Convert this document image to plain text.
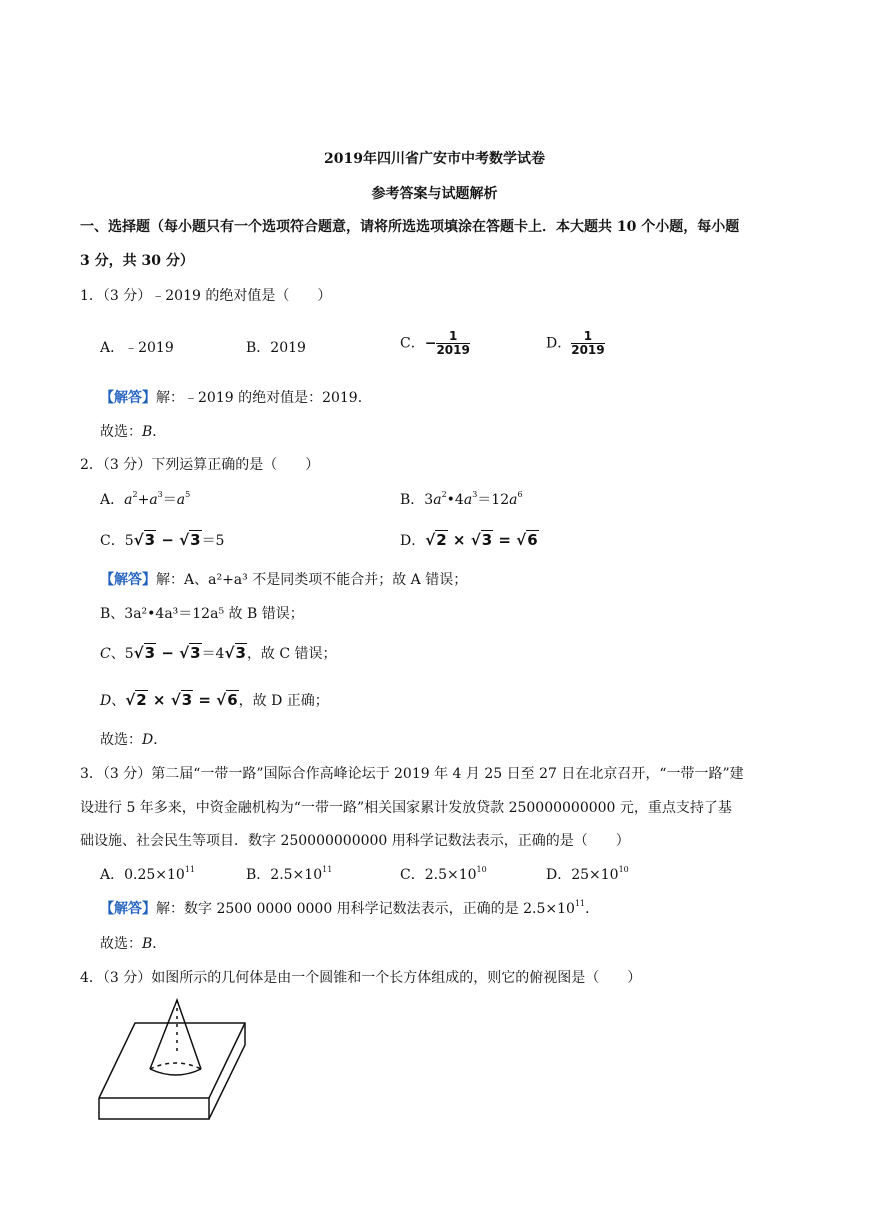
2019年四川省广安市中考数学试卷
参考答案与试题解析
一、选择题（每小题只有一个选项符合题意，请将所选选项填涂在答题卡上．本大题共 10 个小题，每小题
3 分，共 30 分）
1．（3 分）﹣2019 的绝对值是（　　）
A．﹣2019	B．2019	C．− $\frac{1}{2019}$	D． $\frac{1}{2019}$
【解答】解：﹣2019 的绝对值是：2019．
故选：B．
2．（3 分）下列运算正确的是（　　）
A．$a^2+a^3=a^5$	B．$3a^2•4a^3=12a^6$
C．5√3 − √3＝5	D．√2 × √3 = √6
【解答】解：A、a²+a³ 不是同类项不能合并；故 A 错误；
B、3a²•4a³＝12a⁵ 故 B 错误；
C、5√3 − √3＝4√3，故 C 错误；
D、√2 × √3 = √6，故 D 正确；
故选：D．
3．（3 分）第二届“一带一路”国际合作高峰论坛于 2019 年 4 月 25 日至 27 日在北京召开，“一带一路”建
设进行 5 年多来，中资金融机构为“一带一路”相关国家累计发放贷款 250000000000 元，重点支持了基
础设施、社会民生等项目．数字 250000000000 用科学记数法表示，正确的是（　　）
A．$0.25\times 10^{11}$	B．$2.5\times 10^{11}$	C．$2.5\times 10^{10}$	D．$25\times 10^{10}$
【解答】解：数字 2500 0000 0000 用科学记数法表示，正确的是 $2.5\times 10^{11}$．
故选：B．
4．（3 分）如图所示的几何体是由一个圆锥和一个长方体组成的，则它的俯视图是（　　）
